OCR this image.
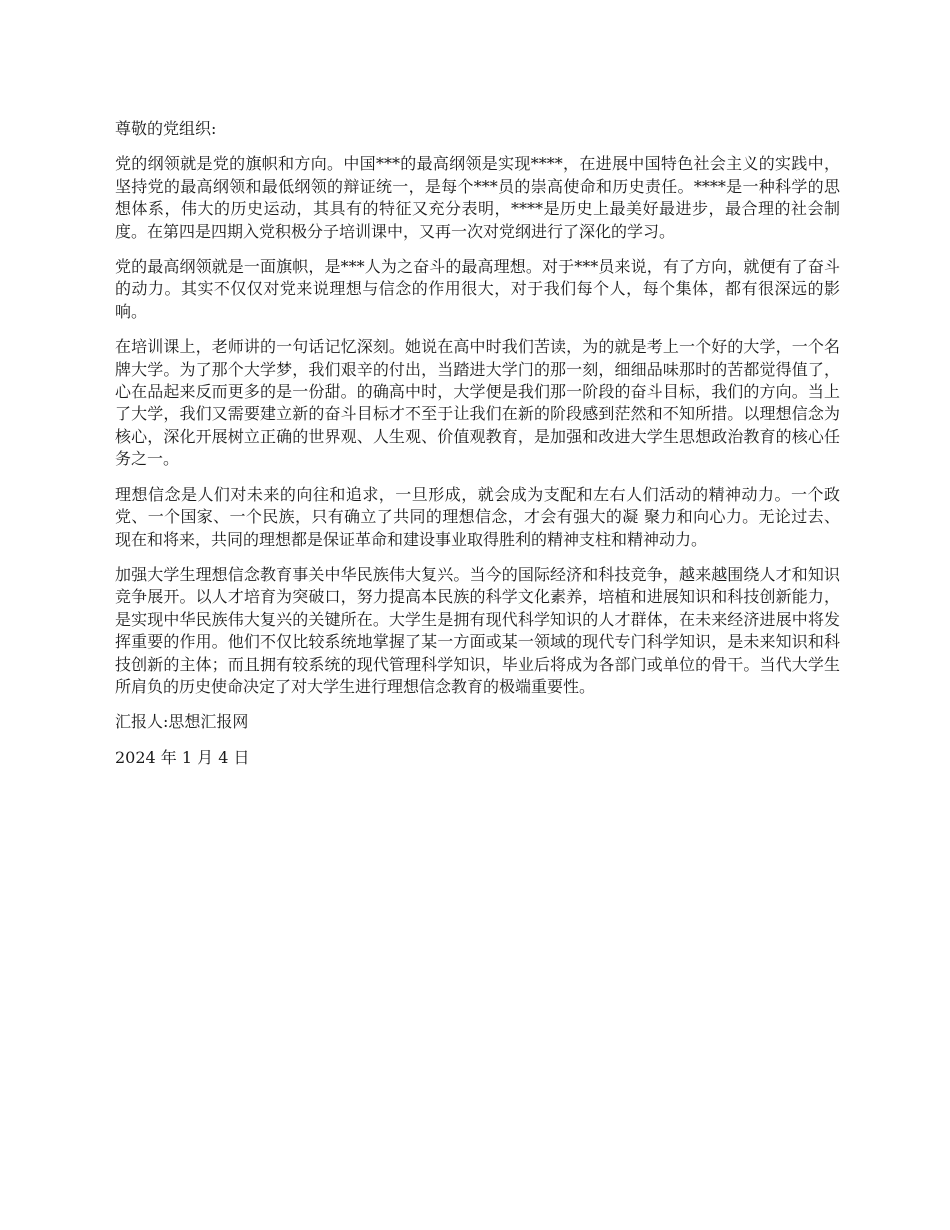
尊敬的党组织:

党的纲领就是党的旗帜和方向。中国***的最高纲领是实现****，在进展中国特色社会主义的实践中，坚持党的最高纲领和最低纲领的辩证统一，是每个***员的崇高使命和历史责任。****是一种科学的思想体系，伟大的历史运动，其具有的特征又充分表明，****是历史上最美好最进步，最合理的社会制度。在第四是四期入党积极分子培训课中，又再一次对党纲进行了深化的学习。

党的最高纲领就是一面旗帜，是***人为之奋斗的最高理想。对于***员来说，有了方向，就便有了奋斗的动力。其实不仅仅对党来说理想与信念的作用很大，对于我们每个人，每个集体，都有很深远的影响。

在培训课上，老师讲的一句话记忆深刻。她说在高中时我们苦读，为的就是考上一个好的大学，一个名牌大学。为了那个大学梦，我们艰辛的付出，当踏进大学门的那一刻，细细品味那时的苦都觉得值了，心在品起来反而更多的是一份甜。的确高中时，大学便是我们那一阶段的奋斗目标，我们的方向。当上了大学，我们又需要建立新的奋斗目标才不至于让我们在新的阶段感到茫然和不知所措。以理想信念为核心，深化开展树立正确的世界观、人生观、价值观教育，是加强和改进大学生思想政治教育的核心任务之一。

理想信念是人们对未来的向往和追求，一旦形成，就会成为支配和左右人们活动的精神动力。一个政党、一个国家、一个民族，只有确立了共同的理想信念，才会有强大的凝 聚力和向心力。无论过去、现在和将来，共同的理想都是保证革命和建设事业取得胜利的精神支柱和精神动力。

加强大学生理想信念教育事关中华民族伟大复兴。当今的国际经济和科技竞争，越来越围绕人才和知识竞争展开。以人才培育为突破口，努力提高本民族的科学文化素养，培植和进展知识和科技创新能力，是实现中华民族伟大复兴的关键所在。大学生是拥有现代科学知识的人才群体，在未来经济进展中将发挥重要的作用。他们不仅比较系统地掌握了某一方面或某一领域的现代专门科学知识，是未来知识和科技创新的主体；而且拥有较系统的现代管理科学知识，毕业后将成为各部门或单位的骨干。当代大学生所肩负的历史使命决定了对大学生进行理想信念教育的极端重要性。

汇报人:思想汇报网

2024 年 1 月 4 日
